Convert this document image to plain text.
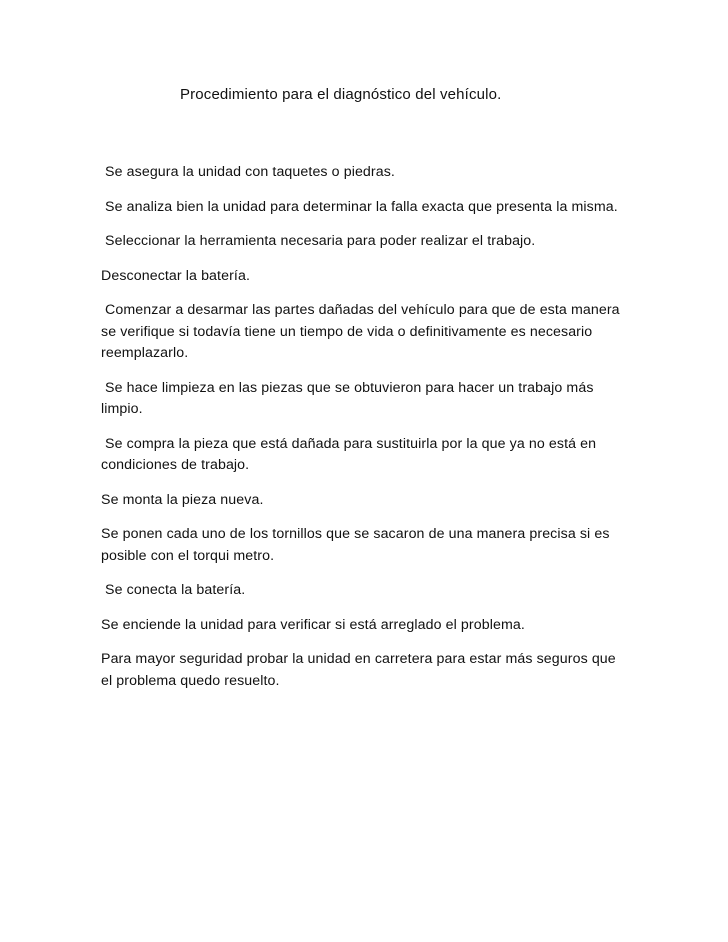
Procedimiento para el diagnóstico del vehículo.

Se asegura la unidad con taquetes o piedras.

Se analiza bien la unidad para determinar la falla exacta que presenta la misma.

Seleccionar la herramienta necesaria para poder realizar el trabajo.

Desconectar la batería.

Comenzar a desarmar las partes dañadas del vehículo para que de esta manera se verifique si todavía tiene un tiempo de vida o definitivamente es necesario reemplazarlo.

Se hace limpieza en las piezas que se obtuvieron para hacer un trabajo más limpio.

Se compra la pieza que está dañada para sustituirla por la que ya no está en condiciones de trabajo.

Se monta la pieza nueva.

Se ponen cada uno de los tornillos que se sacaron de una manera precisa si es posible con el torqui metro.

Se conecta la batería.

Se enciende la unidad para verificar si está arreglado el problema.

Para mayor seguridad probar la unidad en carretera para estar más seguros que el problema quedo resuelto.
